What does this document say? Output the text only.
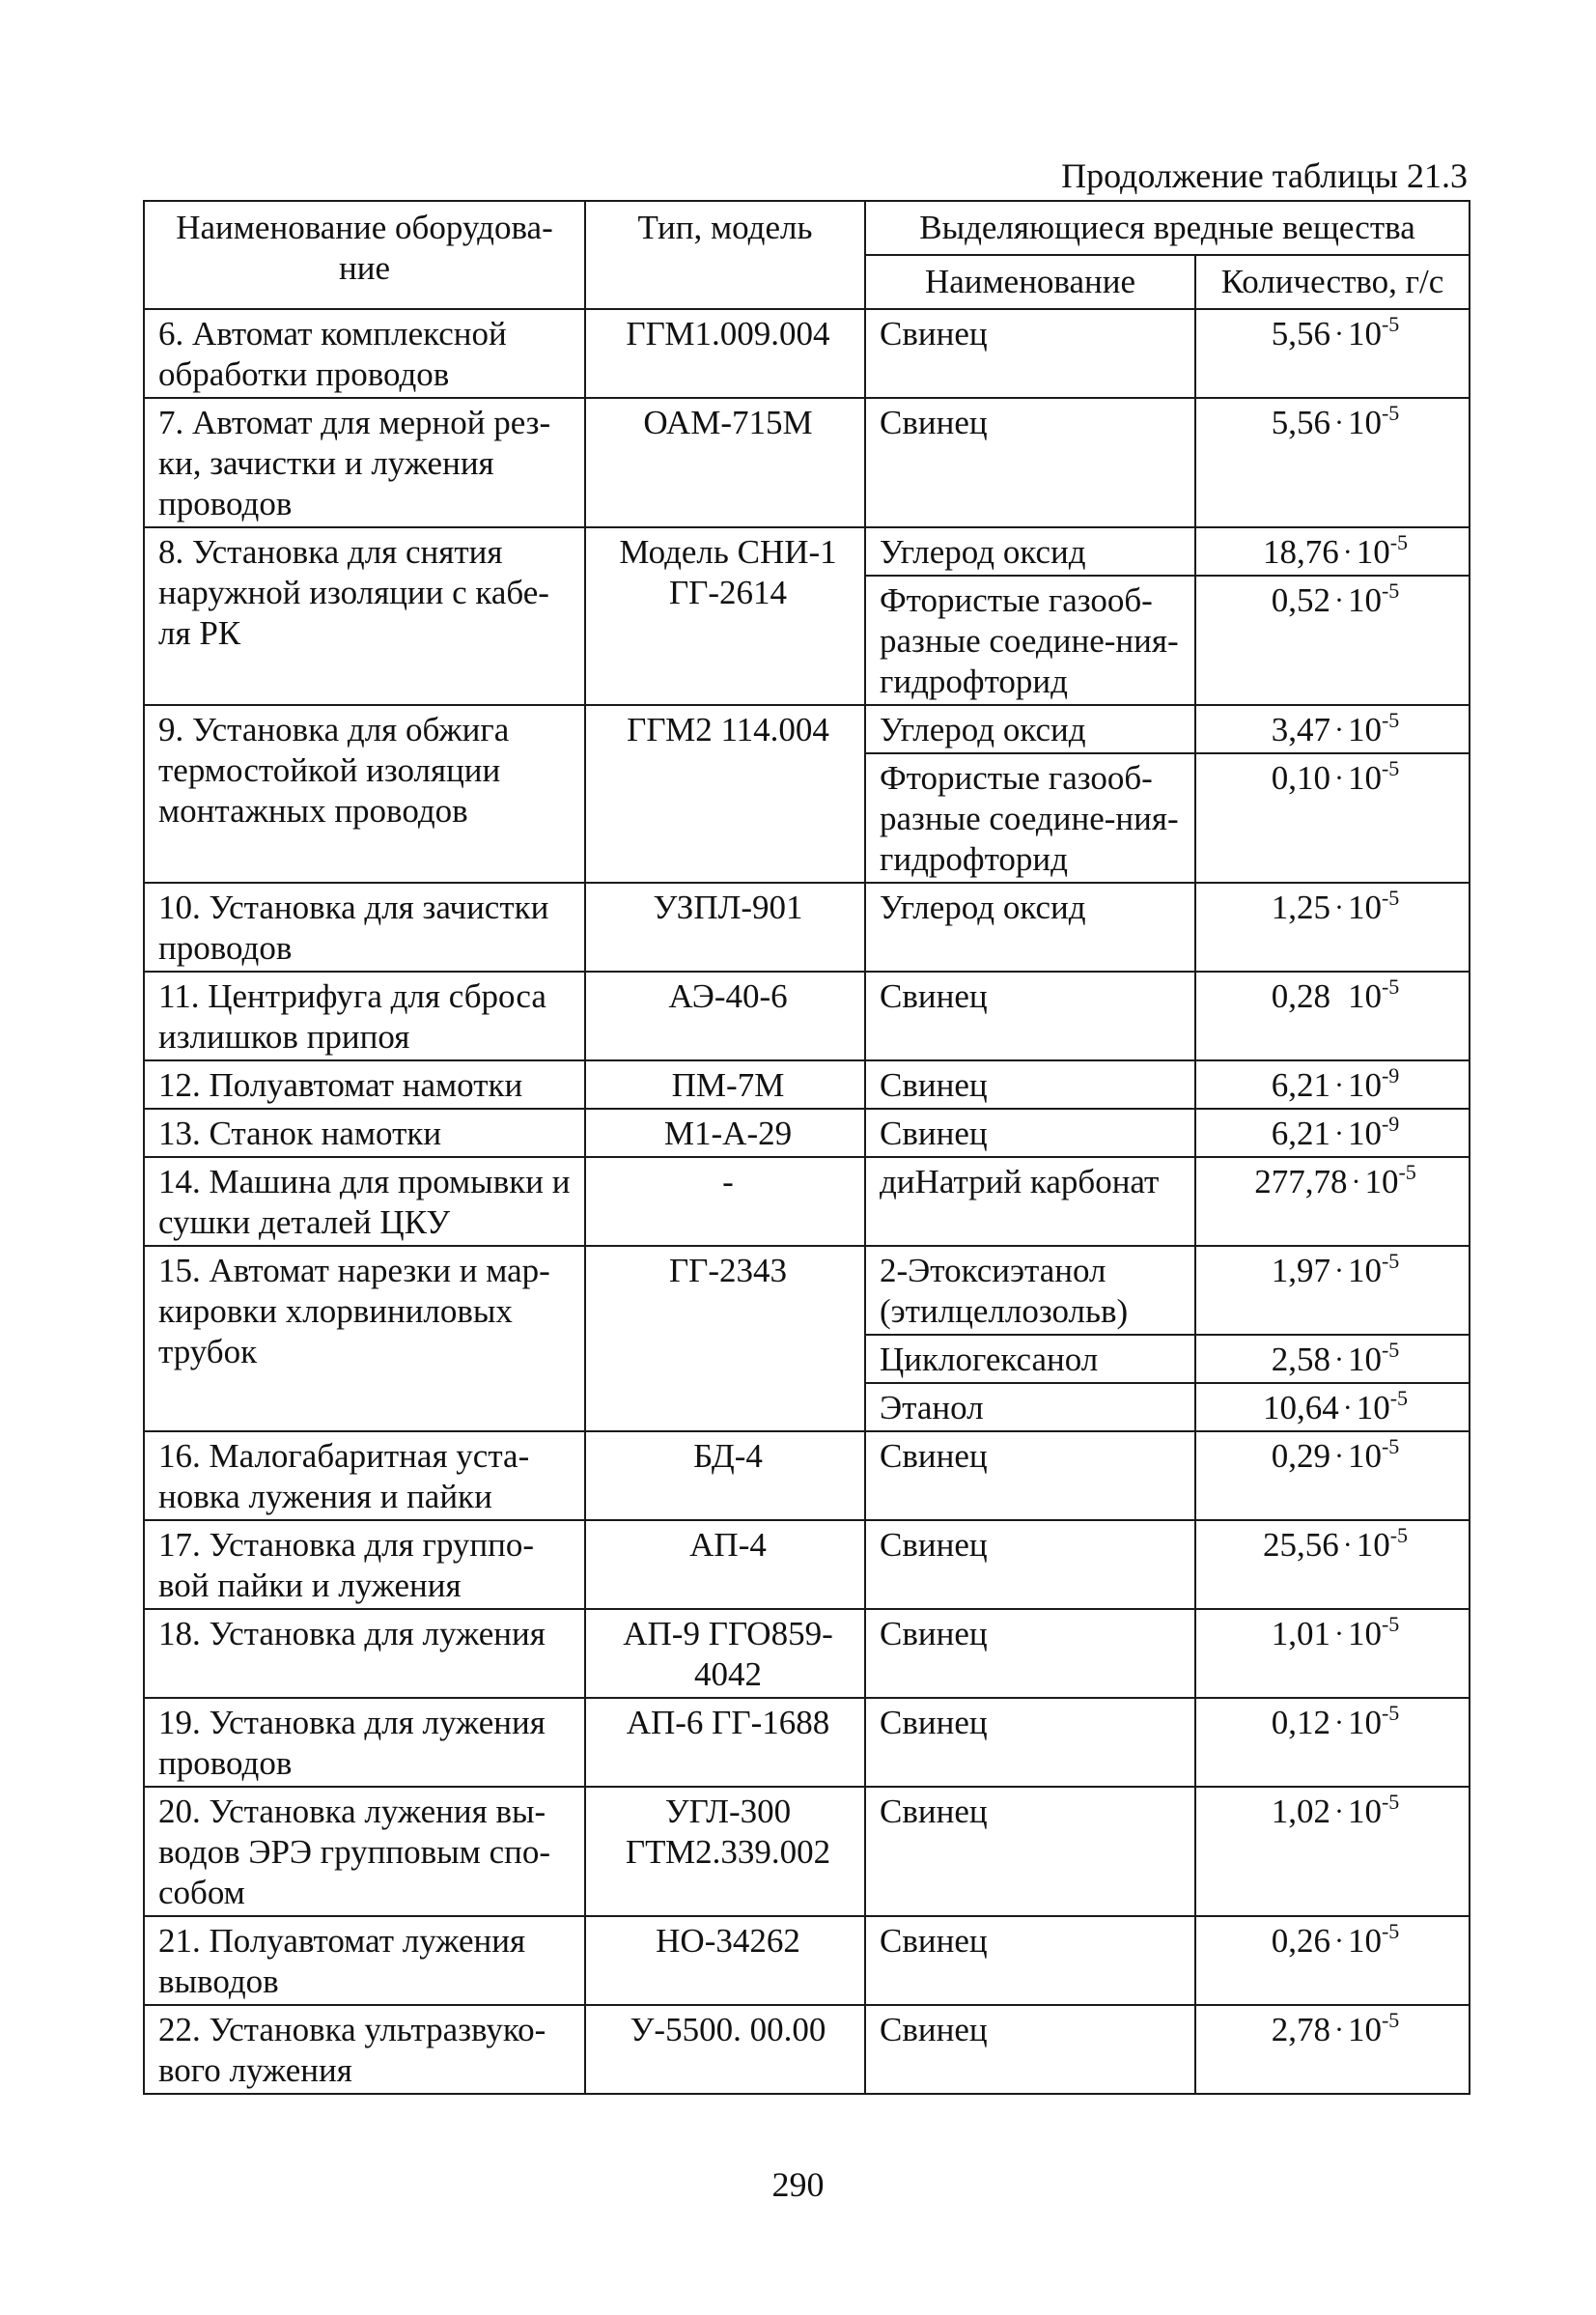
Продолжение таблицы 21.3
Наименование оборудова-ние	Тип, модель	Выделяющиеся вредные вещества	
		Наименование	Количество, г/с
6. Автомат комплексной обработки проводов	ГГМ1.009.004	Свинец	$5,56 \cdot 10^{-5}$
7. Автомат для мерной рез-ки, зачистки и лужения проводов	ОАМ-715М	Свинец	$5,56 \cdot 10^{-5}$
8. Установка для снятия наружной изоляции с кабе-ля РК	Модель СНИ-1 ГГ-2614	Углерод оксид	$18,76 \cdot 10^{-5}$
		Фтористые газооб-разные соедине-ния-гидрофторид	$0,52 \cdot 10^{-5}$
9. Установка для обжига термостойкой изоляции монтажных проводов	ГГМ2 114.004	Углерод оксид	$3,47 \cdot 10^{-5}$
		Фтористые газооб-разные соедине-ния-гидрофторид	$0,10 \cdot 10^{-5}$
10. Установка для зачистки проводов	УЗПЛ-901	Углерод оксид	$1,25 \cdot 10^{-5}$
11. Центрифуга для сброса излишков припоя	АЭ-40-6	Свинец	0,28 $10^{-5}$
12. Полуавтомат намотки	ПМ-7М	Свинец	$6,21 \cdot 10^{-9}$
13. Станок намотки	М1-А-29	Свинец	$6,21 \cdot 10^{-9}$
14. Машина для промывки и сушки деталей ЦКУ	-	диНатрий карбонат	$277,78 \cdot 10^{-5}$
15. Автомат нарезки и мар-кировки хлорвиниловых трубок	ГГ-2343	2-Этоксиэтанол (этилцеллозольв)	$1,97 \cdot 10^{-5}$
		Циклогексанол	$2,58 \cdot 10^{-5}$
		Этанол	$10,64 \cdot 10^{-5}$
16. Малогабаритная уста-новка лужения и пайки	БД-4	Свинец	$0,29 \cdot 10^{-5}$
17. Установка для группо-вой пайки и лужения	АП-4	Свинец	$25,56 \cdot 10^{-5}$
18. Установка для лужения	АП-9 ГГО859-4042	Свинец	$1,01 \cdot 10^{-5}$
19. Установка для лужения проводов	АП-6 ГГ-1688	Свинец	$0,12 \cdot 10^{-5}$
20. Установка лужения вы-водов ЭРЭ групповым спо-собом	УГЛ-300 ГТМ2.339.002	Свинец	$1,02 \cdot 10^{-5}$
21. Полуавтомат лужения выводов	НО-34262	Свинец	$0,26 \cdot 10^{-5}$
22. Установка ультразвуко-вого лужения	У-5500. 00.00	Свинец	$2,78 \cdot 10^{-5}$
290
